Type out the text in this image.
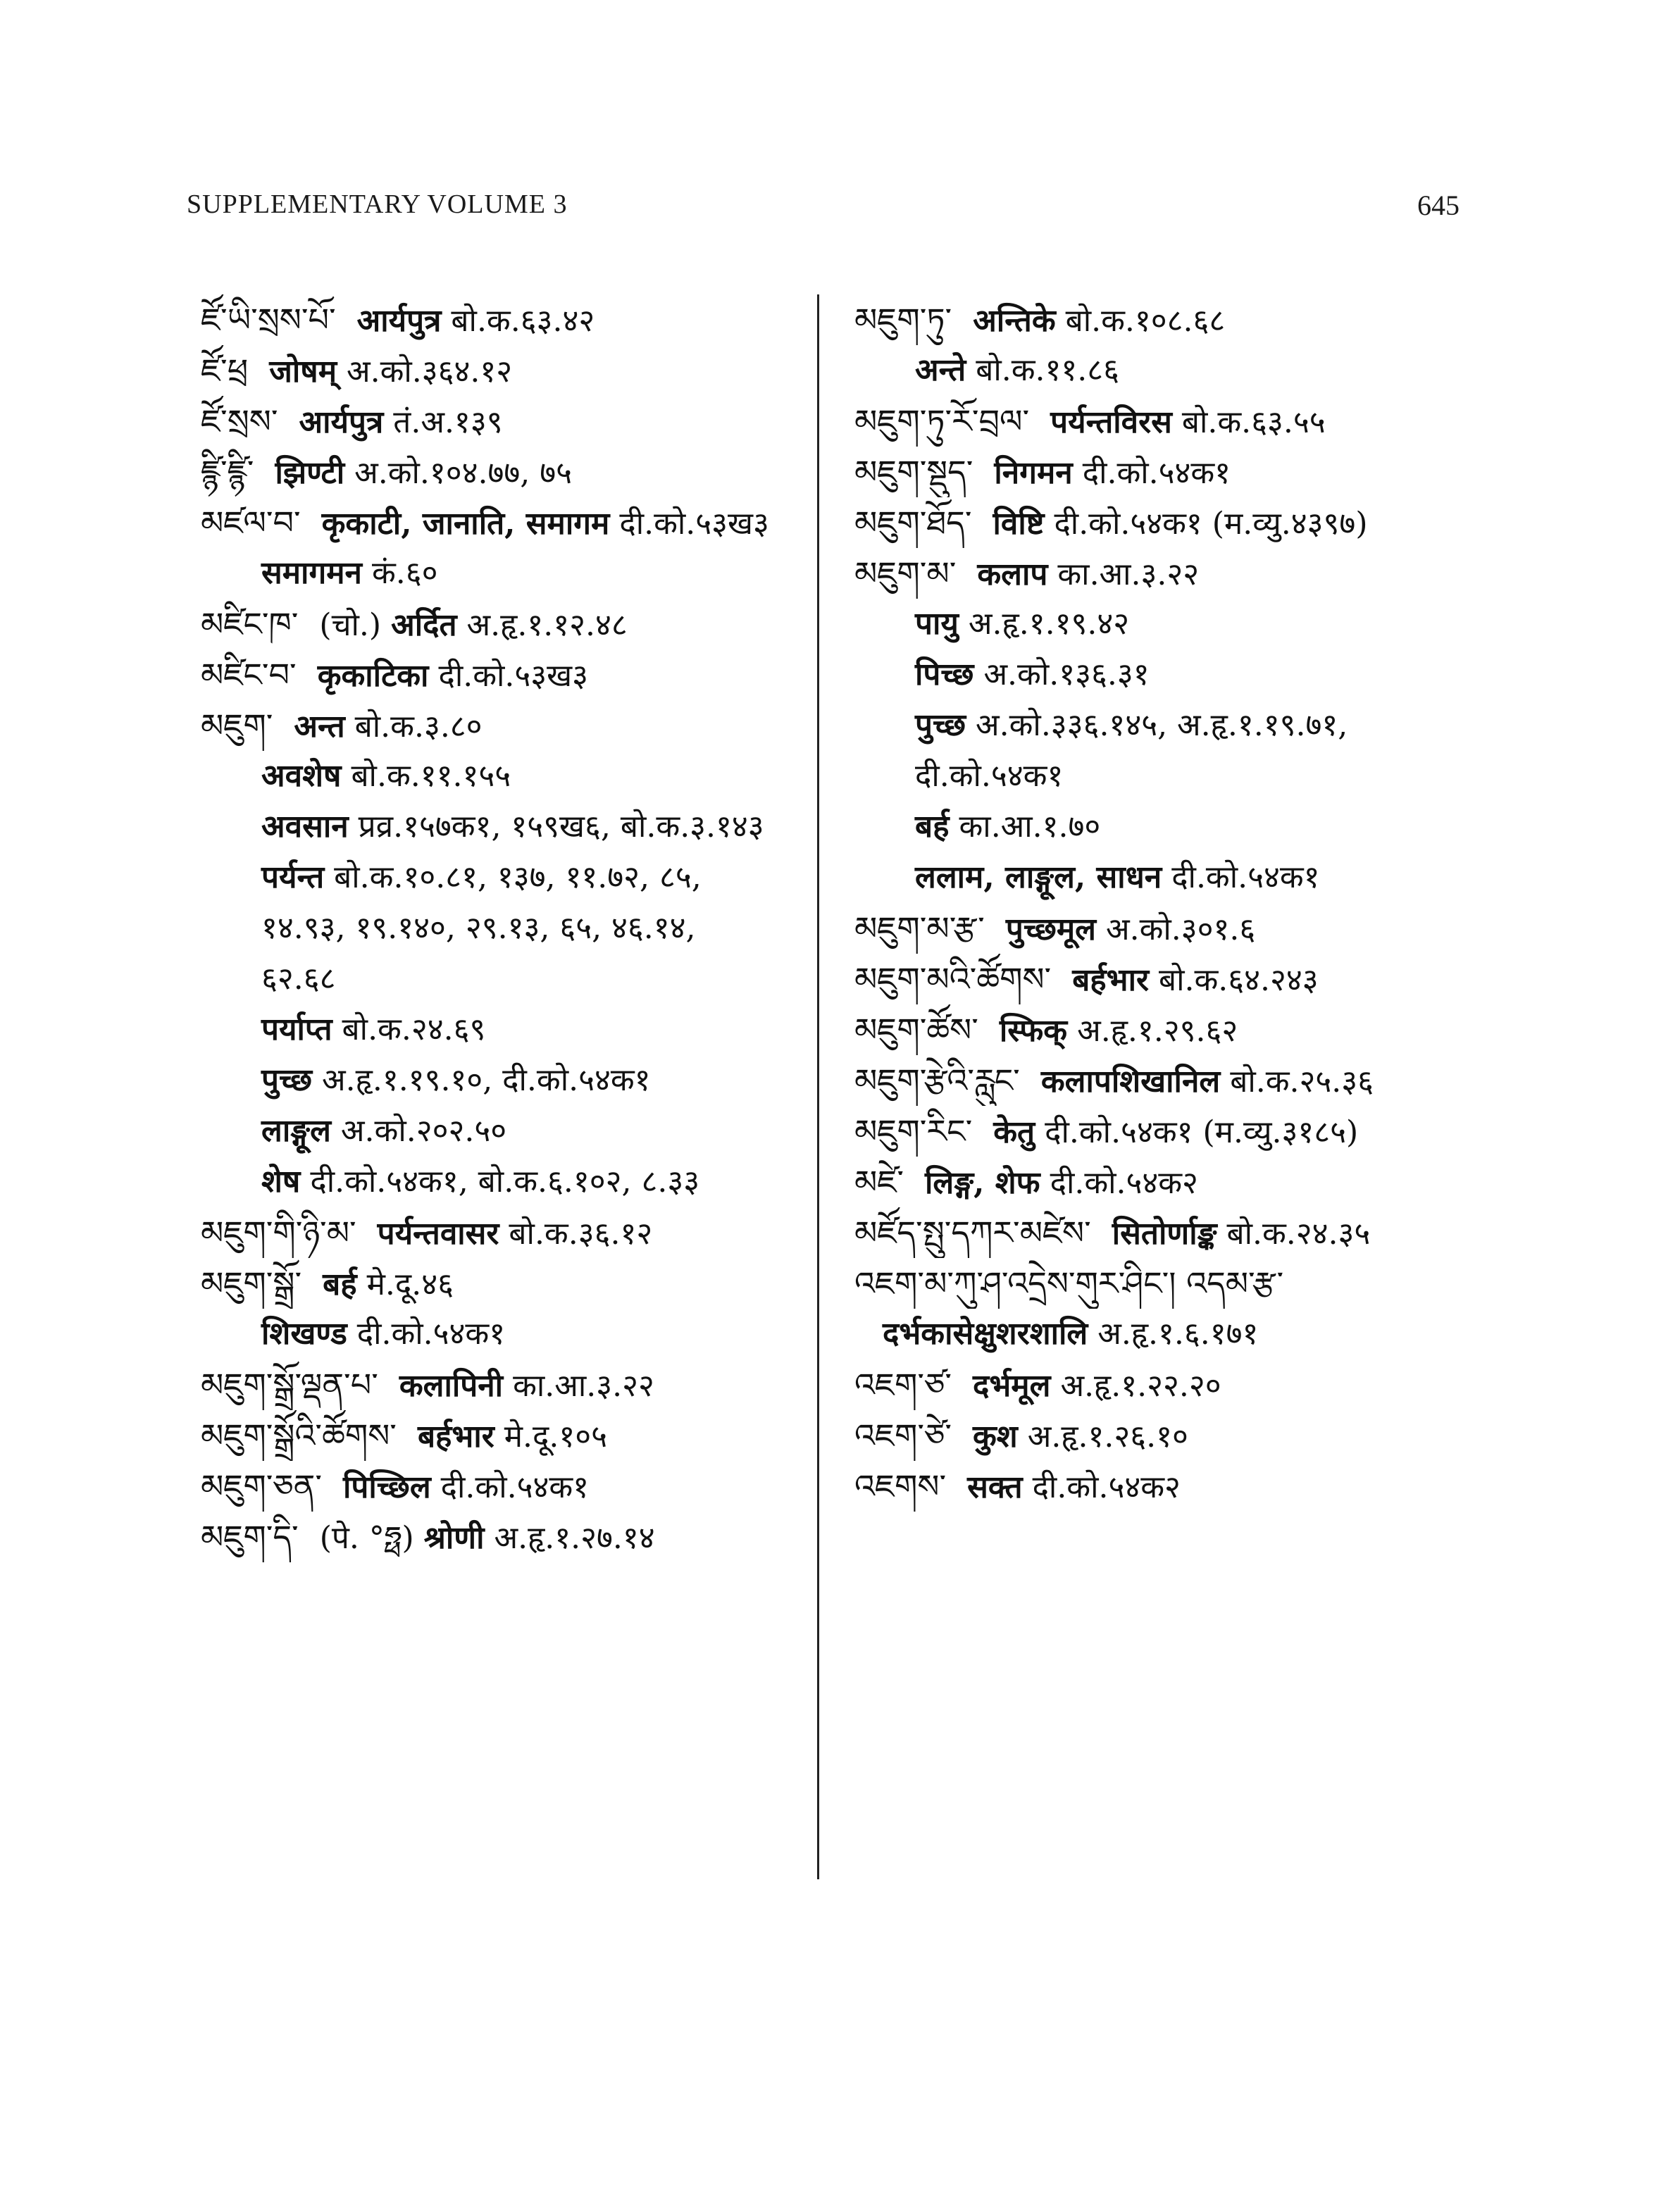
SUPPLEMENTARY VOLUME 3	645
ཛོ་ཡི་སྲས་པོ་ आर्यपुत्र बो.क.६३.४२
ཛོ་ཕྲ जोषम् अ.को.३६४.१२
ཛོ་སྲས་ आर्यपुत्र तं.अ.१३९
ཛྙི་ཛྙི་ झिण्टी अ.को.१०४.७७, ७५
མཛལ་བ་ कृकाटी, जानाति, समागम दी.को.५३ख३
समागमन कं.६०
མཛིང་ཁ་ (चो.) अर्दित अ.हृ.१.१२.४८
མཛིང་བ་ कृकाटिका दी.को.५३ख३
མཇུག་ अन्त बो.क.३.८०
अवशेष बो.क.११.१५५
अवसान प्रव्र.१५७क१, १५९ख६, बो.क.३.१४३
पर्यन्त बो.क.१०.८१, १३७, ११.७२, ८५,
१४.९३, १९.१४०, २९.१३, ६५, ४६.१४,
६२.६८
पर्याप्त बो.क.२४.६९
पुच्छ अ.हृ.१.१९.१०, दी.को.५४क१
लाङ्गूल अ.को.२०२.५०
शेष दी.को.५४क१, बो.क.६.१०२, ८.३३
མཇུག་གི་ཉི་མ་ पर्यन्तवासर बो.क.३६.१२
མཇུག་སྒྲོ་ बर्ह मे.दू.४६
शिखण्ड दी.को.५४क१
མཇུག་སྒྲོ་ལྡན་པ་ कलापिनी का.आ.३.२२
མཇུག་སྒྲོའི་ཚོགས་ बर्हभार मे.दू.१०५
མཇུག་ཅན་ पिच्छिल दी.को.५४क१
མཇུག་དི་ (पे. °ཧྥ) श्रोणी अ.हृ.१.२७.१४
མཇུག་ཏུ་ अन्तिके बो.क.१०८.६८
अन्ते बो.क.११.८६
མཇུག་ཏུ་རོ་བྲལ་ पर्यन्तविरस बो.क.६३.५५
མཇུག་སྡུད་ निगमन दी.को.५४क१
མཇུག་ཐོད་ विष्टि दी.को.५४क१ (म.व्यु.४३९७)
མཇུག་མ་ कलाप का.आ.३.२२
पायु अ.हृ.१.१९.४२
पिच्छ अ.को.१३६.३१
पुच्छ अ.को.३३६.१४५, अ.हृ.१.१९.७१,
दी.को.५४क१
बर्ह का.आ.१.७०
ललाम, लाङ्गूल, साधन दी.को.५४क१
མཇུག་མ་རྩ་ पुच्छमूल अ.को.३०१.६
མཇུག་མའི་ཚོགས་ बर्हभार बो.क.६४.२४३
མཇུག་ཚོས་ स्फिक् अ.हृ.१.२९.६२
མཇུག་རྩེའི་རླུང་ कलापशिखानिल बो.क.२५.३६
མཇུག་རིང་ केतु दी.को.५४क१ (म.व्यु.३१८५)
མཛེ་ लिङ्ग, शेफ दी.को.५४क२
མཛོད་སྤུ་དཀར་མཛེས་ सितोर्णाङ्क बो.क.२४.३५
འཇག་མ་ཀུ་ཤ་འདྲེས་གུར་ཤིང་། འདམ་རྩ་
दर्भकासेक्षुशरशालि अ.हृ.१.६.१७१
འཇག་ཙ་ दर्भमूल अ.हृ.१.२२.२०
འཇག་ཙེ་ कुश अ.हृ.१.२६.१०
འཇགས་ सक्त दी.को.५४क२
